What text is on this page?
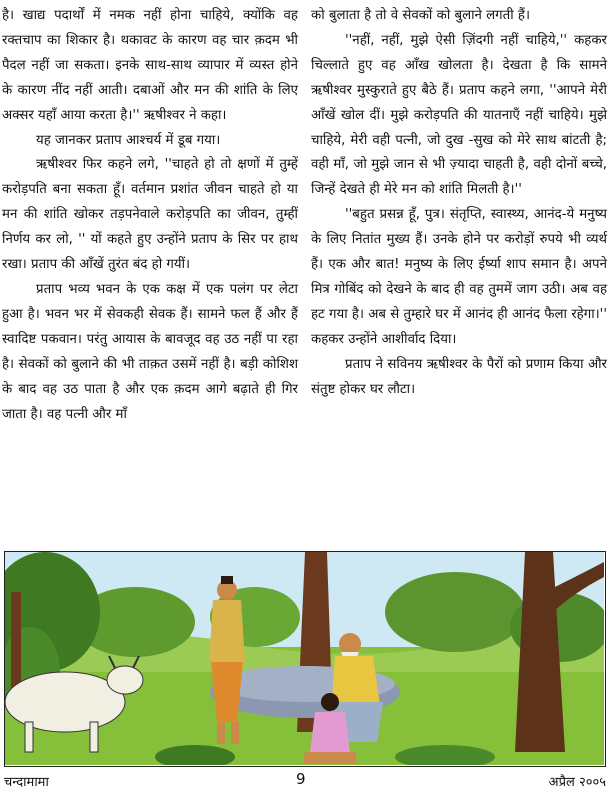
है। खाद्य पदार्थों में नमक नहीं होना चाहिये, क्योंकि वह रक्तचाप का शिकार है। थकावट के कारण वह चार क़दम भी पैदल नहीं जा सकता। इनके साथ-साथ व्यापार में व्यस्त होने के कारण नींद नहीं आती। दबाओं और मन की शांति के लिए अक्सर यहाँ आया करता है।'' ऋषीश्वर ने कहा।

यह जानकर प्रताप आश्चर्य में डूब गया।

ऋषीश्वर फिर कहने लगे, ''चाहते हो तो क्षणों में तुम्हें करोड़पति बना सकता हूँ। वर्तमान प्रशांत जीवन चाहते हो या मन की शांति खोकर तड़पनेवाले करोड़पति का जीवन, तुम्हीं निर्णय कर लो, '' यों कहते हुए उन्होंने प्रताप के सिर पर हाथ रखा। प्रताप की आँखें तुरंत बंद हो गयीं।

प्रताप भव्य भवन के एक कक्ष में एक पलंग पर लेटा हुआ है। भवन भर में सेवकही सेवक हैं। सामने फल हैं और हैं स्वादिष्ट पकवान। परंतु आयास के बावजूद वह उठ नहीं पा रहा है। सेवकों को बुलाने की भी ताक़त उसमें नहीं है। बड़ी कोशिश के बाद वह उठ पाता है और एक क़दम आगे बढ़ाते ही गिर जाता है। वह पत्नी और माँ

को बुलाता है तो वे सेवकों को बुलाने लगती हैं।

''नहीं, नहीं, मुझे ऐसी ज़िंदगी नहीं चाहिये,'' कहकर चिल्लाते हुए वह आँख खोलता है। देखता है कि सामने ऋषीश्वर मुस्कुराते हुए बैठे हैं। प्रताप कहने लगा, ''आपने मेरी आँखें खोल दीं। मुझे करोड़पति की यातनाएँ नहीं चाहिये। मुझे चाहिये, मेरी वही पत्नी, जो दुख -सुख को मेरे साथ बांटती है; वही माँ, जो मुझे जान से भी ज़्यादा चाहती है, वही दोनों बच्चे, जिन्हें देखते ही मेरे मन को शांति मिलती है।''

''बहुत प्रसन्न हूँ, पुत्र। संतृप्ति, स्वास्थ्य, आनंद-ये मनुष्य के लिए नितांत मुख्य हैं। उनके होने पर करोड़ों रुपये भी व्यर्थ हैं। एक और बात! मनुष्य के लिए ईर्ष्या शाप समान है। अपने मित्र गोबिंद को देखने के बाद ही वह तुममें जाग उठी। अब वह हट गया है। अब से तुम्हारे घर में आनंद ही आनंद फैला रहेगा।'' कहकर उन्होंने आशीर्वाद दिया।

प्रताप ने सविनय ऋषीश्वर के पैरों को प्रणाम किया और संतुष्ट होकर घर लौटा।

चन्दामामा	9	अप्रैल २००५
